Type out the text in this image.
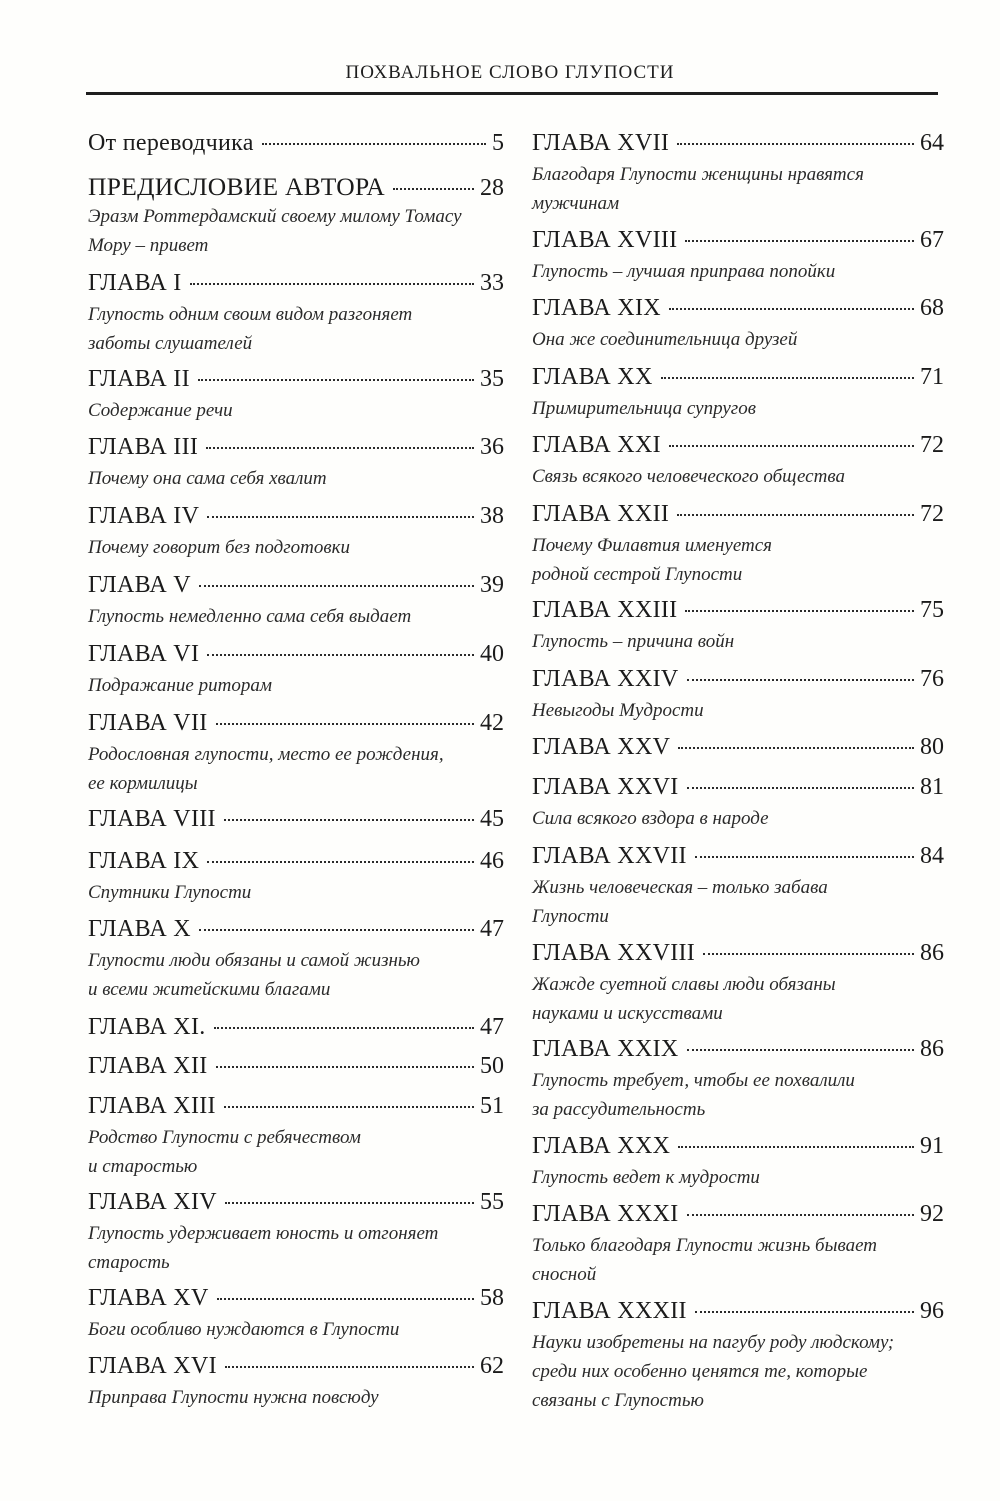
ПОХВАЛЬНОЕ СЛОВО ГЛУПОСТИ
От переводчика	5
ПРЕДИСЛОВИЕ АВТОРА	28
Эразм Роттердамский своему милому Томасу
Мору – привет
ГЛАВА I	33
Глупость одним своим видом разгоняет
заботы слушателей
ГЛАВА II	35
Содержание речи
ГЛАВА III	36
Почему она сама себя хвалит
ГЛАВА IV	38
Почему говорит без подготовки
ГЛАВА V	39
Глупость немедленно сама себя выдает
ГЛАВА VI	40
Подражание риторам
ГЛАВА VII	42
Родословная глупости, место ее рождения,
ее кормилицы
ГЛАВА VIII	45
ГЛАВА IX	46
Спутники Глупости
ГЛАВА X	47
Глупости люди обязаны и самой жизнью
и всеми житейскими благами
ГЛАВА XI.	47
ГЛАВА XII	50
ГЛАВА XIII	51
Родство Глупости с ребячеством
и старостью
ГЛАВА XIV	55
Глупость удерживает юность и отгоняет
старость
ГЛАВА XV	58
Боги особливо нуждаются в Глупости
ГЛАВА XVI	62
Приправа Глупости нужна повсюду
ГЛАВА XVII	64
Благодаря Глупости женщины нравятся
мужчинам
ГЛАВА XVIII	67
Глупость – лучшая приправа попойки
ГЛАВА XIX	68
Она же соединительница друзей
ГЛАВА XX	71
Примирительница супругов
ГЛАВА XXI	72
Связь всякого человеческого общества
ГЛАВА XXII	72
Почему Филавтия именуется
родной сестрой Глупости
ГЛАВА XXIII	75
Глупость – причина войн
ГЛАВА XXIV	76
Невыгоды Мудрости
ГЛАВА XXV	80
ГЛАВА XXVI	81
Сила всякого вздора в народе
ГЛАВА XXVII	84
Жизнь человеческая – только забава
Глупости
ГЛАВА XXVIII	86
Жажде суетной славы люди обязаны
науками и искусствами
ГЛАВА XXIX	86
Глупость требует, чтобы ее похвалили
за рассудительность
ГЛАВА XXX	91
Глупость ведет к мудрости
ГЛАВА XXXI	92
Только благодаря Глупости жизнь бывает
сносной
ГЛАВА XXXII	96
Науки изобретены на пагубу роду людскому;
среди них особенно ценятся те, которые
связаны с Глупостью
